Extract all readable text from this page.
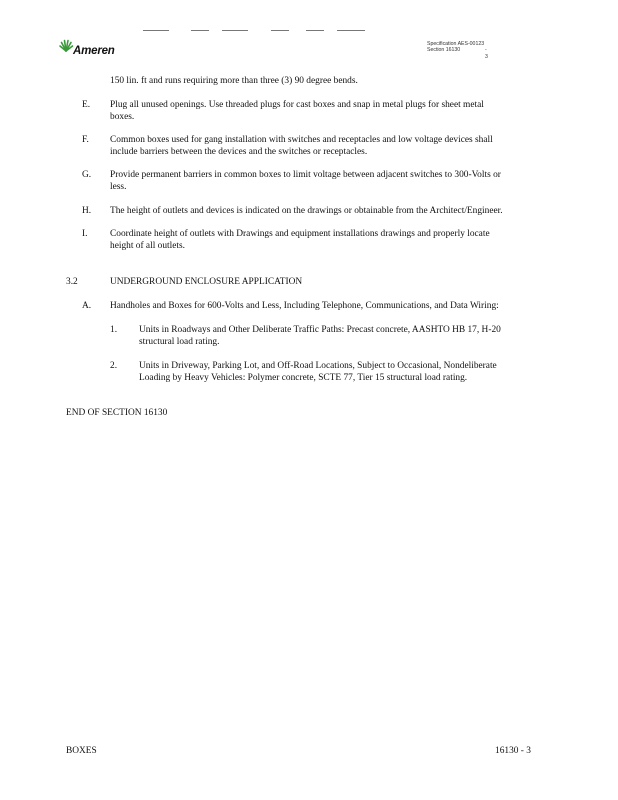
Ameren
Specification AES-00123
Section 16130	- 3
150 lin. ft and runs requiring more than three (3) 90 degree bends.
E. Plug all unused openings. Use threaded plugs for cast boxes and snap in metal plugs for sheet metal
boxes.
F. Common boxes used for gang installation with switches and receptacles and low voltage devices shall
include barriers between the devices and the switches or receptacles.
G. Provide permanent barriers in common boxes to limit voltage between adjacent switches to 300-Volts or
less.
H. The height of outlets and devices is indicated on the drawings or obtainable from the Architect/Engineer.
I. Coordinate height of outlets with Drawings and equipment installations drawings and properly locate
height of all outlets.
3.2	UNDERGROUND ENCLOSURE APPLICATION
A. Handholes and Boxes for 600-Volts and Less, Including Telephone, Communications, and Data Wiring:
1. Units in Roadways and Other Deliberate Traffic Paths: Precast concrete, AASHTO HB 17, H-20
structural load rating.
2. Units in Driveway, Parking Lot, and Off-Road Locations, Subject to Occasional, Nondeliberate
Loading by Heavy Vehicles: Polymer concrete, SCTE 77, Tier 15 structural load rating.
END OF SECTION 16130
BOXES	16130 - 3
